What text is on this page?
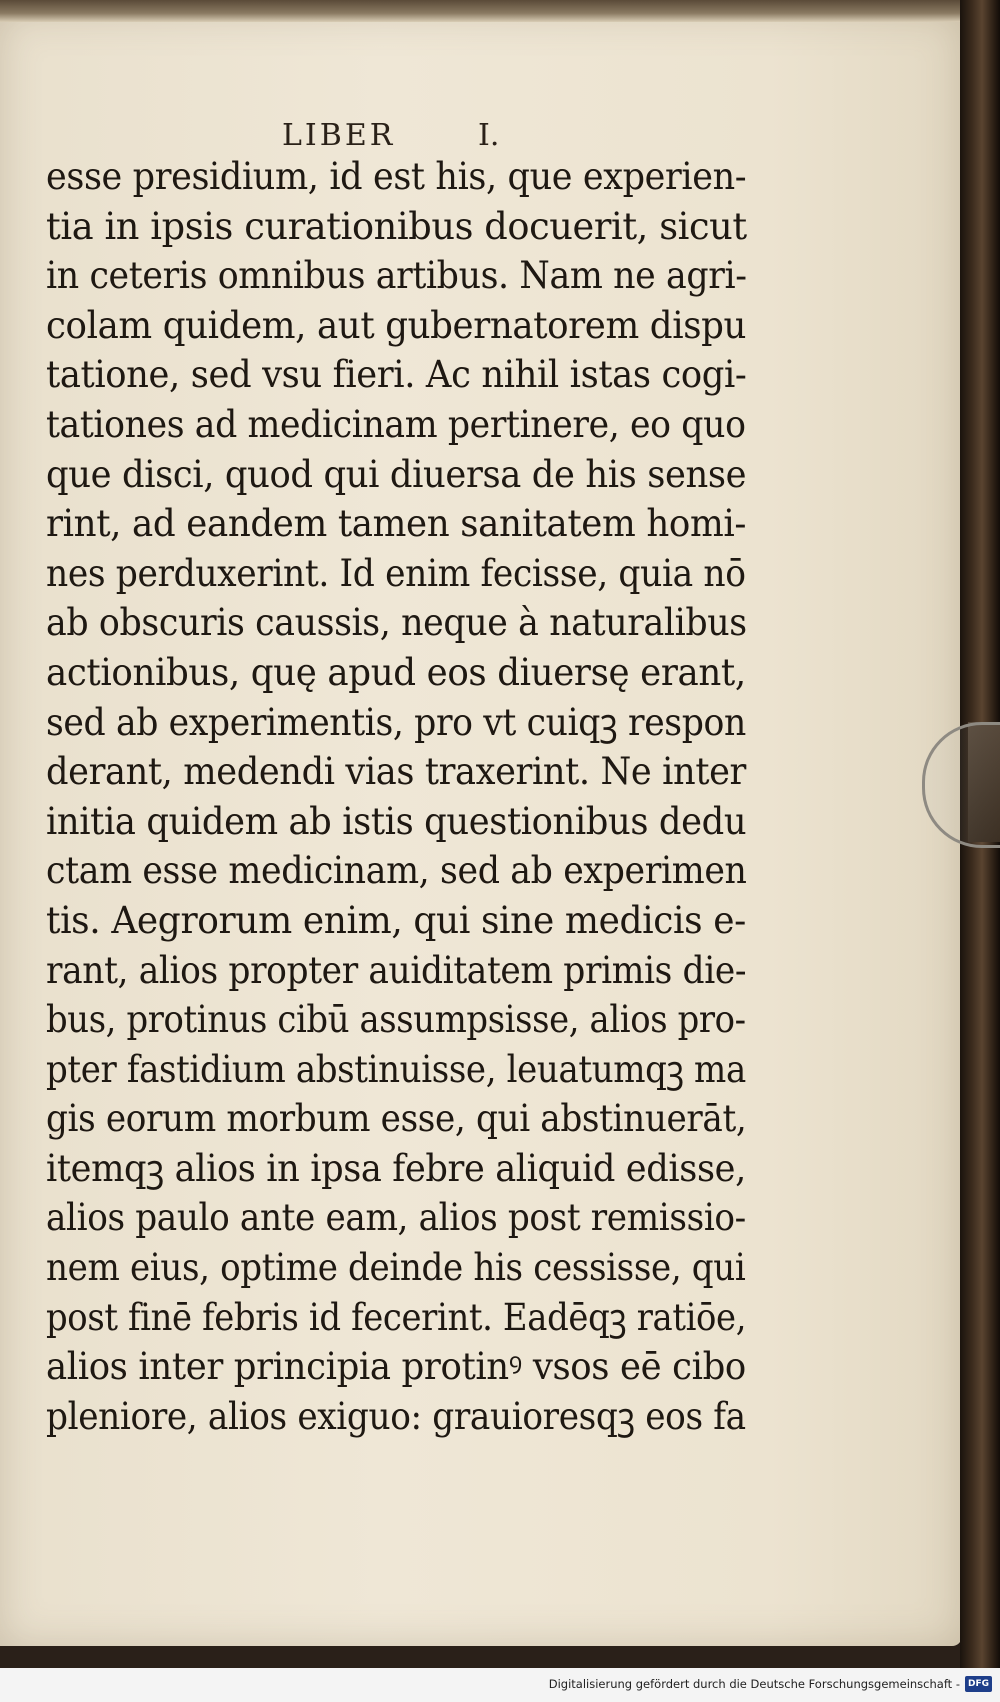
LIBER	I.
esse presidium, id est his, que experien-
tia in ipsis curationibus docuerit, sicut
in ceteris omnibus artibus. Nam ne agri-
colam quidem, aut gubernatorem dispu
tatione, sed vsu fieri. Ac nihil istas cogi-
tationes ad medicinam pertinere, eo quo
que disci, quod qui diuersa de his sense
rint, ad eandem tamen sanitatem homi-
nes perduxerint. Id enim fecisse, quia nō
ab obscuris caussis, neque à naturalibus
actionibus, quę apud eos diuersę erant,
sed ab experimentis, pro vt cuiqꝫ respon
derant, medendi vias traxerint. Ne inter
initia quidem ab istis questionibus dedu
ctam esse medicinam, sed ab experimen
tis. Aegrorum enim, qui sine medicis e-
rant, alios propter auiditatem primis die-
bus, protinus cibū assumpsisse, alios pro-
pter fastidium abstinuisse, leuatumqꝫ ma
gis eorum morbum esse, qui abstinuerāt,
itemqꝫ alios in ipsa febre aliquid edisse,
alios paulo ante eam, alios post remissio-
nem eius, optime deinde his cessisse, qui
post finē febris id fecerint. Eadēqꝫ ratiōe,
alios inter principia protinꝰ vsos eē cibo
pleniore, alios exiguo: grauioresqꝫ eos fa
Digitalisierung gefördert durch die Deutsche Forschungsgemeinschaft - DFG
